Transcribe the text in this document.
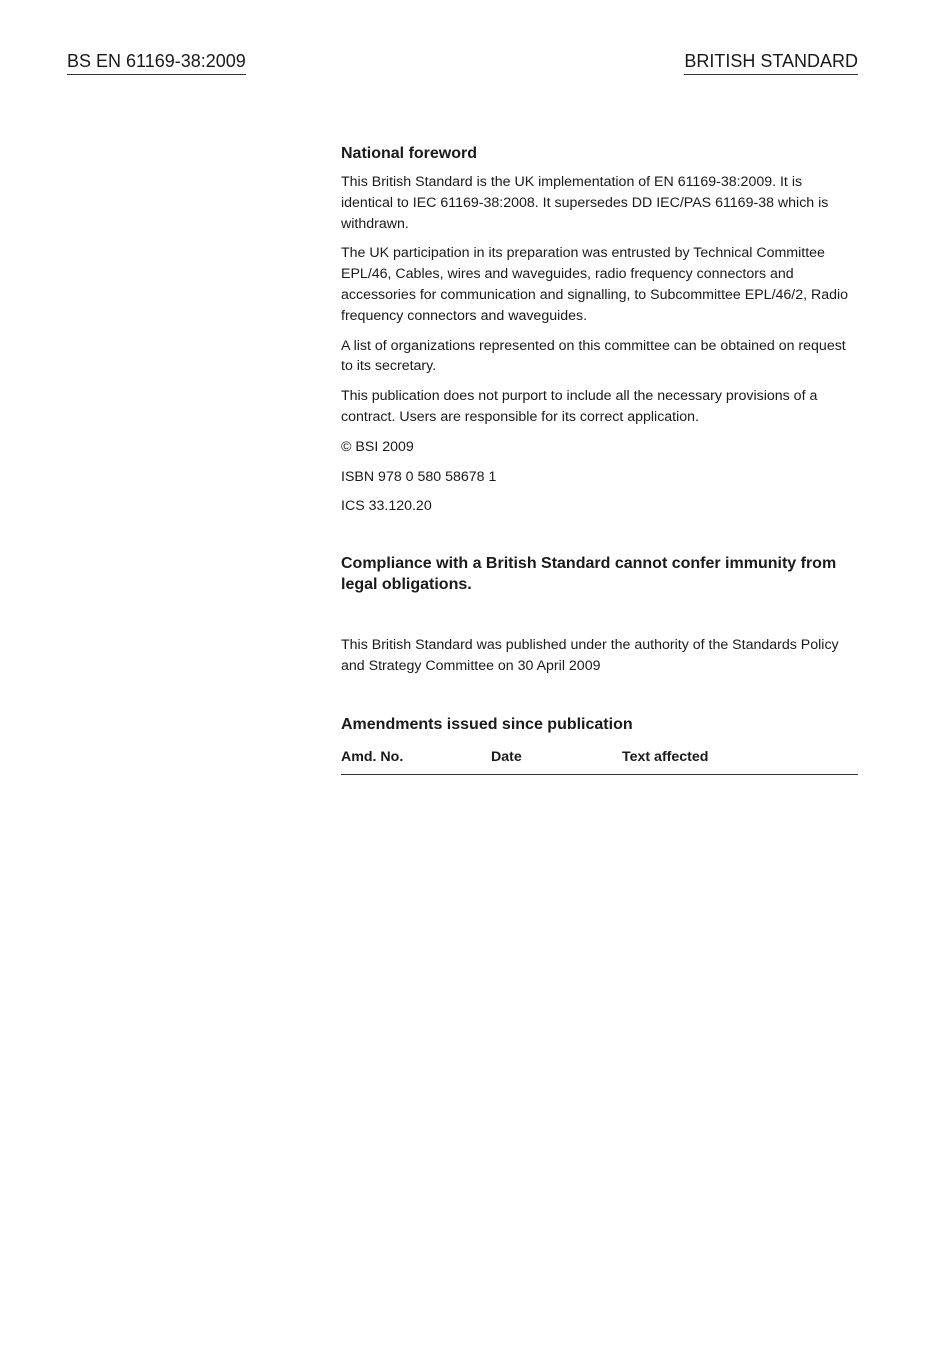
BS EN 61169-38:2009	BRITISH STANDARD
National foreword

This British Standard is the UK implementation of EN 61169-38:2009. It is identical to IEC 61169-38:2008. It supersedes DD IEC/PAS 61169-38 which is withdrawn.

The UK participation in its preparation was entrusted by Technical Committee EPL/46, Cables, wires and waveguides, radio frequency connectors and accessories for communication and signalling, to Subcommittee EPL/46/2, Radio frequency connectors and waveguides.

A list of organizations represented on this committee can be obtained on request to its secretary.

This publication does not purport to include all the necessary provisions of a contract. Users are responsible for its correct application.

© BSI 2009

ISBN 978 0 580 58678 1

ICS 33.120.20

Compliance with a British Standard cannot confer immunity from legal obligations.
This British Standard was published under the authority of the Standards Policy and Strategy Committee on 30 April 2009
Amendments issued since publication
Amd. No.	Date	Text affected
